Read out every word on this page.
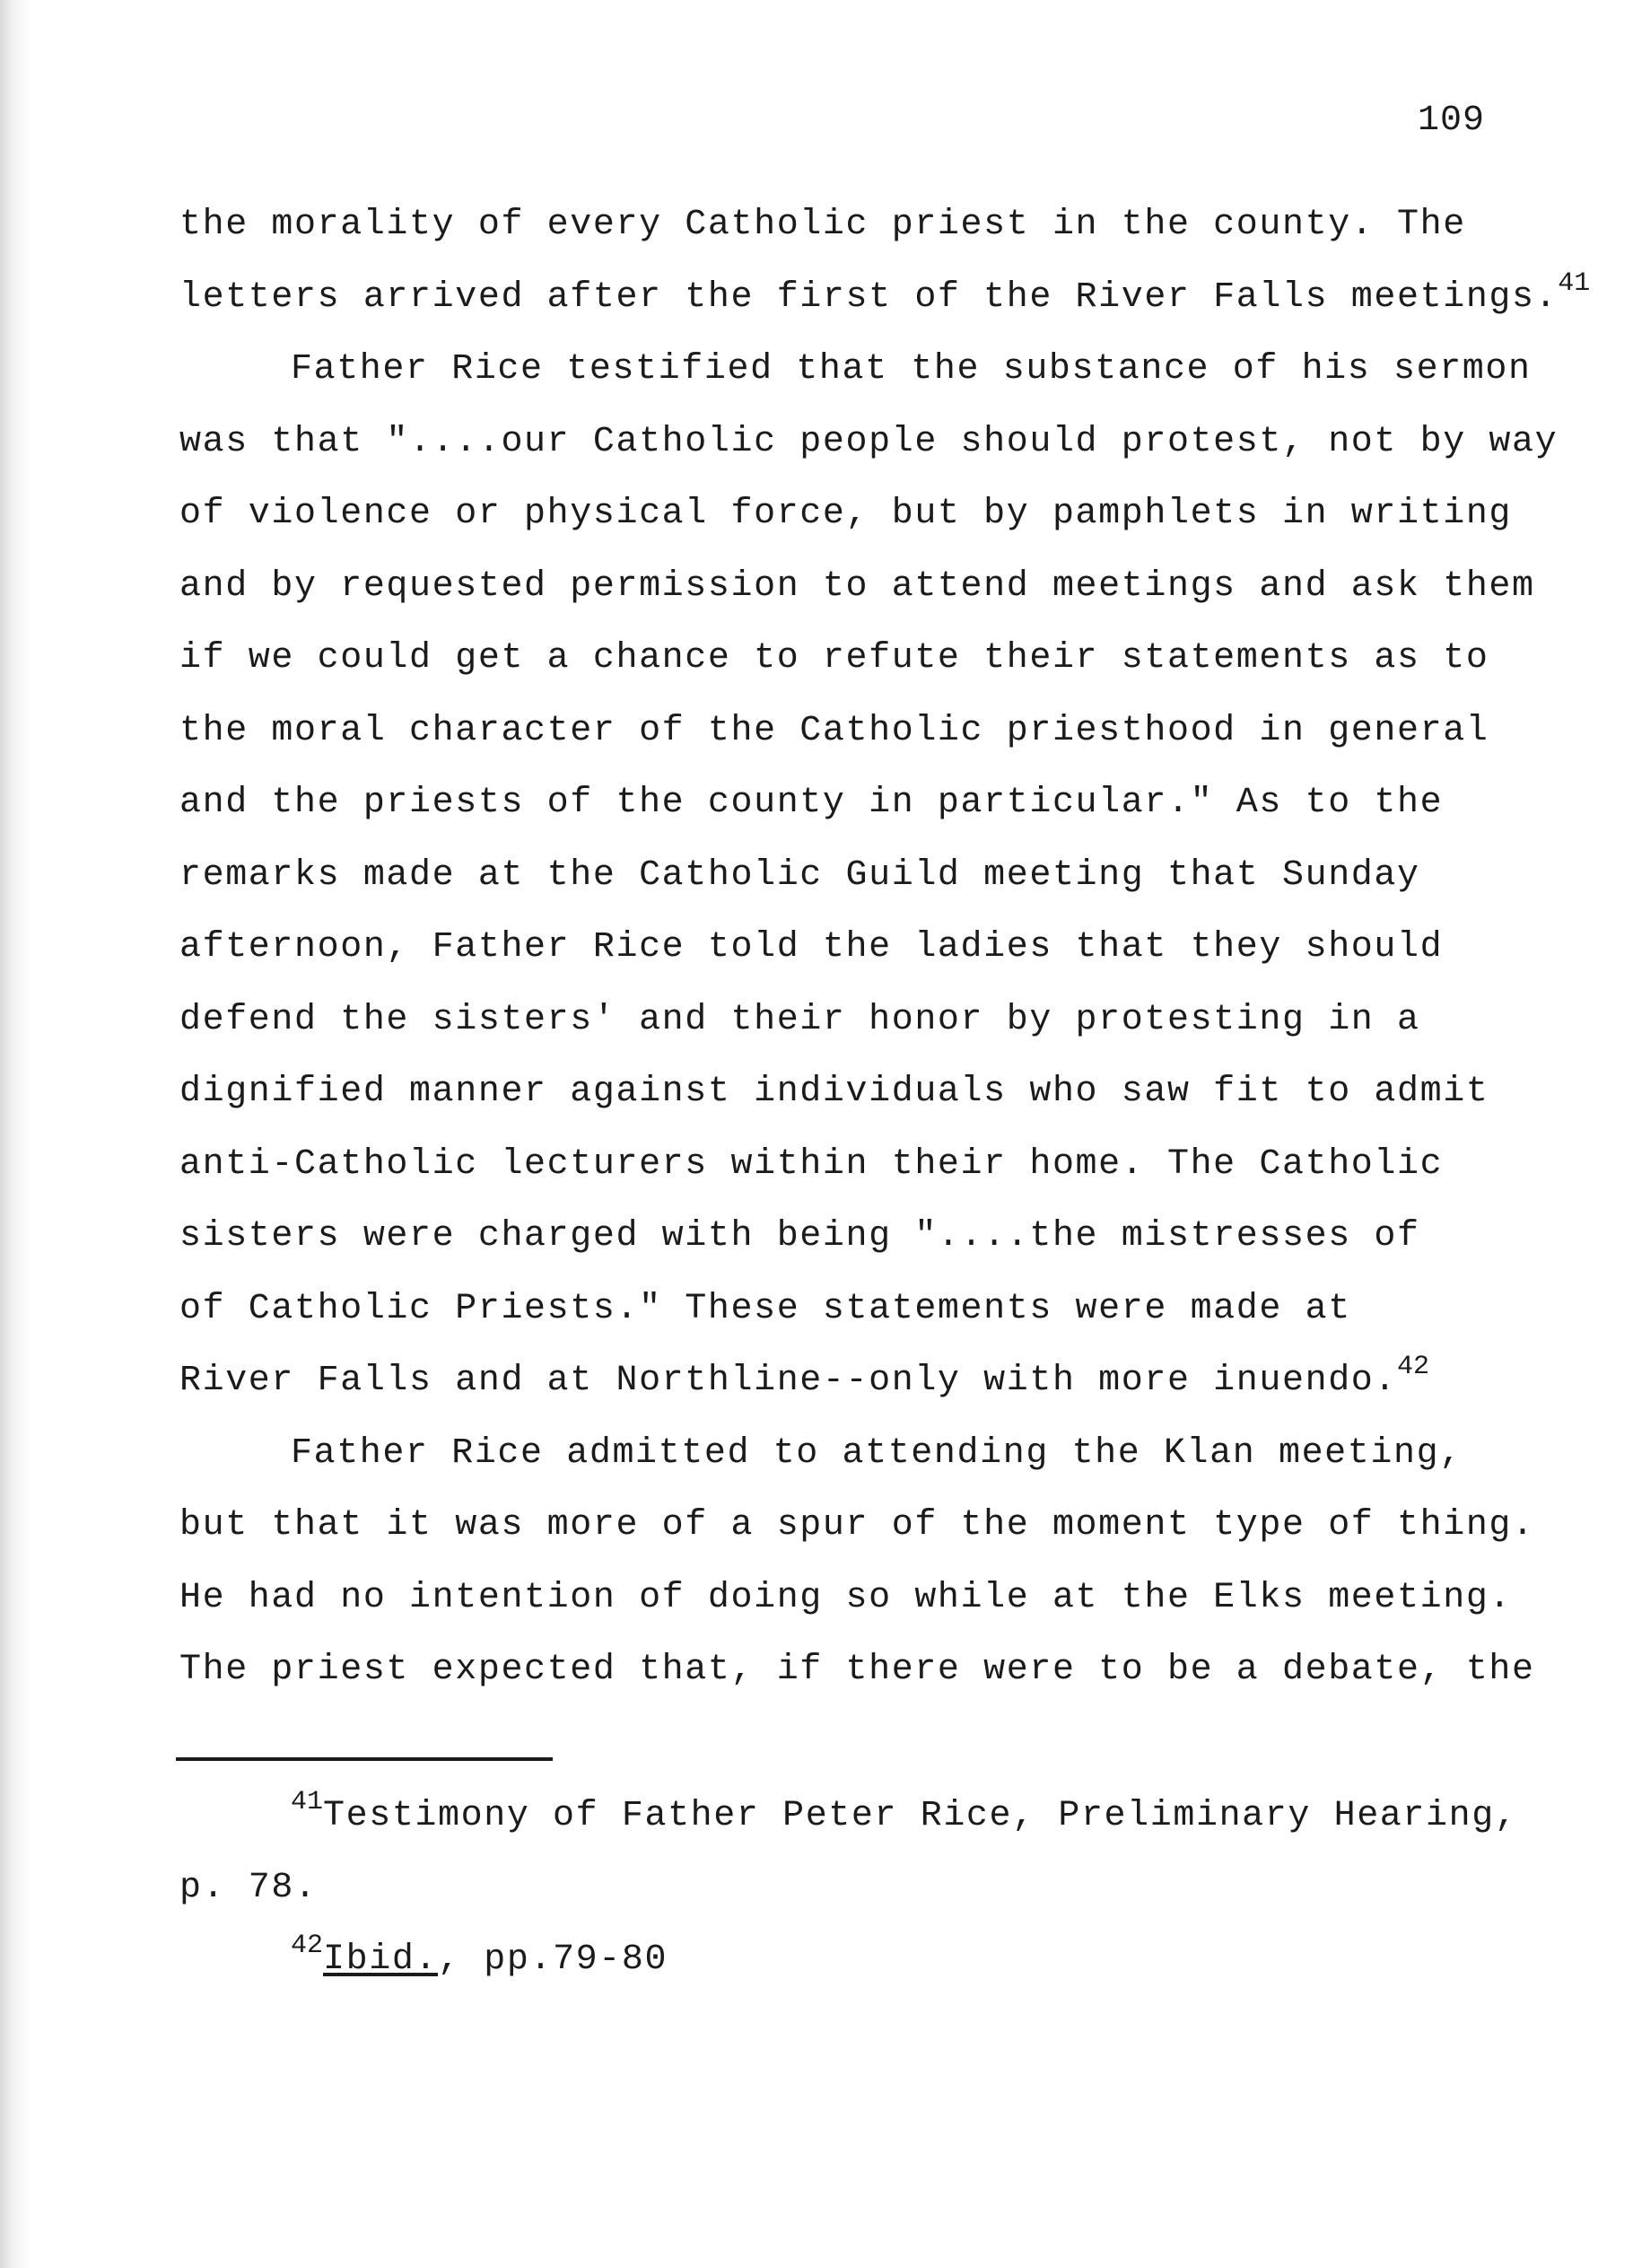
109
the morality of every Catholic priest in the county. The
letters arrived after the first of the River Falls meetings.$^{41}$
Father Rice testified that the substance of his sermon
was that "....our Catholic people should protest, not by way
of violence or physical force, but by pamphlets in writing
and by requested permission to attend meetings and ask them
if we could get a chance to refute their statements as to
the moral character of the Catholic priesthood in general
and the priests of the county in particular." As to the
remarks made at the Catholic Guild meeting that Sunday
afternoon, Father Rice told the ladies that they should
defend the sisters' and their honor by protesting in a
dignified manner against individuals who saw fit to admit
anti-Catholic lecturers within their home. The Catholic
sisters were charged with being "....the mistresses of
of Catholic Priests." These statements were made at
River Falls and at Northline--only with more inuendo.$^{42}$
Father Rice admitted to attending the Klan meeting,
but that it was more of a spur of the moment type of thing.
He had no intention of doing so while at the Elks meeting.
The priest expected that, if there were to be a debate, the
$^{41}$Testimony of Father Peter Rice, Preliminary Hearing,
p. 78.
$^{42}$Ibid., pp.79-80
